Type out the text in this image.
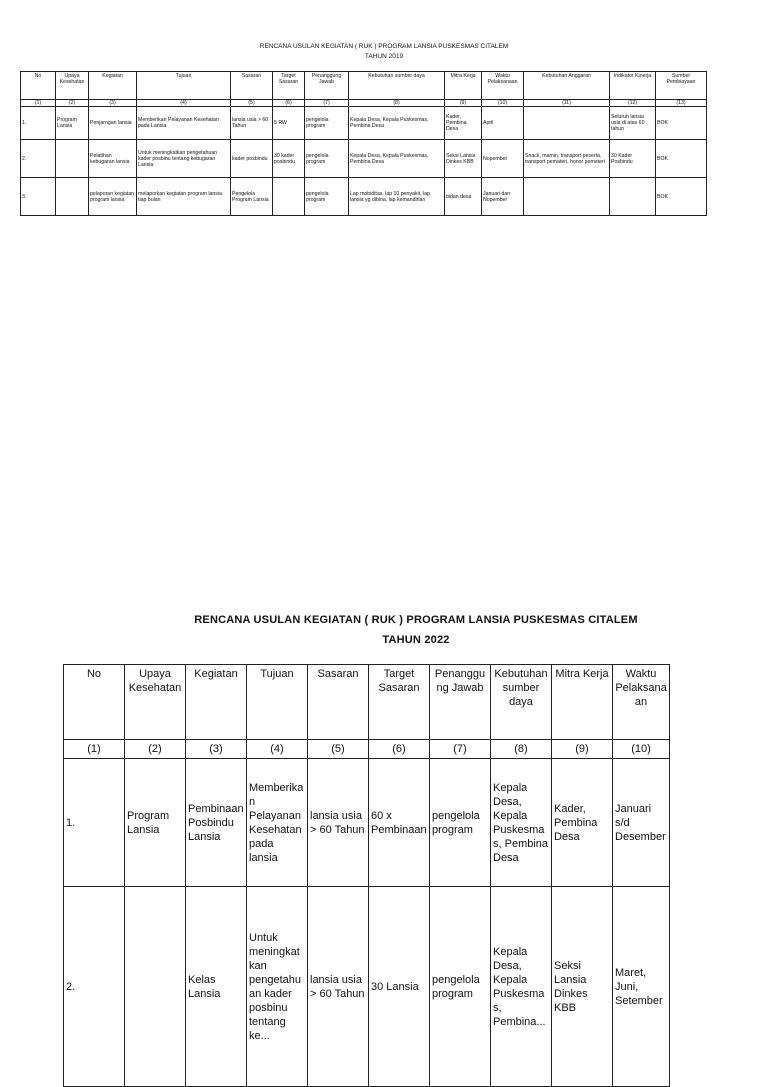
RENCANA USULAN KEGIATAN ( RUK ) PROGRAM LANSIA PUSKESMAS CITALEM
TAHUN 2019
No	Upaya Kesehatan	Kegiatan	Tujuan	Sasaran	Target Sasaran	Penanggung Jawab	Kebutuhan sumber daya	Mitra Kerja	Waktu Pelaksanaan	Kebutuhan Anggaran	Indikator Kinerja	Sumber Pembiayaan
(1)	(2)	(3)	(4)	(5)	(6)	(7)	(8)	(9)	(10)	(11)	(12)	(13)
1.	Program Lansia	Penjarngan lansia	Memberikan Pelayanan Kesehatan pada Lansia	lansia usia > 60 Tahun	5 RW	pengelola program	Kepala Desa, Kepala Puskesmas, Pembina Desa	Kader, Pembina Desa	April		Seluruh lansia usia di atas 60 tahun	BOK
2.		Pelatihan kebugaran lansia	Untuk meningkatkan pengetahuan kader posbinu tentang kebugaran Lansia	kader posbindu	30 kader posbindu	pengelola program	Kepala Desa, Kepala Puskesmas, Pembina Desa	Seksi Lansia Dinkes KBB	Nopember	Snack, mamin, transport peserta, transport pemateri, honor pemateri	30 Kader Posbindu	BOK
3.		pelaporan kegiatan program lansia	melaporkan kegiatan program lansia tiap bulan	Pengelola Program Lansia		pengelola program	Lap mobiditas, lap 10 penyakit, lap lansia yg dibina, lap kemandirian	bidan desa	Januari dan Nopember			BOK
RENCANA USULAN KEGIATAN ( RUK ) PROGRAM LANSIA PUSKESMAS CITALEM
TAHUN 2022
No	Upaya Kesehatan	Kegiatan	Tujuan	Sasaran	Target Sasaran	Penanggung Jawab	Kebutuhan sumber daya	Mitra Kerja	Waktu Pelaksanaan
(1)	(2)	(3)	(4)	(5)	(6)	(7)	(8)	(9)	(10)
1.	Program Lansia	Pembinaan Posbindu Lansia	Memberikan Pelayanan Kesehatan pada lansia	lansia usia > 60 Tahun	60 x Pembinaan	pengelola program	Kepala Desa, Kepala Puskesmas, Pembina Desa	Kader, Pembina Desa	Januari s/d Desember
2.		Kelas Lansia	Untuk meningkatkan pengetahuan kader posbinu tentang ke...	lansia usia > 60 Tahun	30 Lansia	pengelola program	Kepala Desa, Kepala Puskesmas, Pembina...	Seksi Lansia Dinkes KBB	Maret, Juni, Setember
